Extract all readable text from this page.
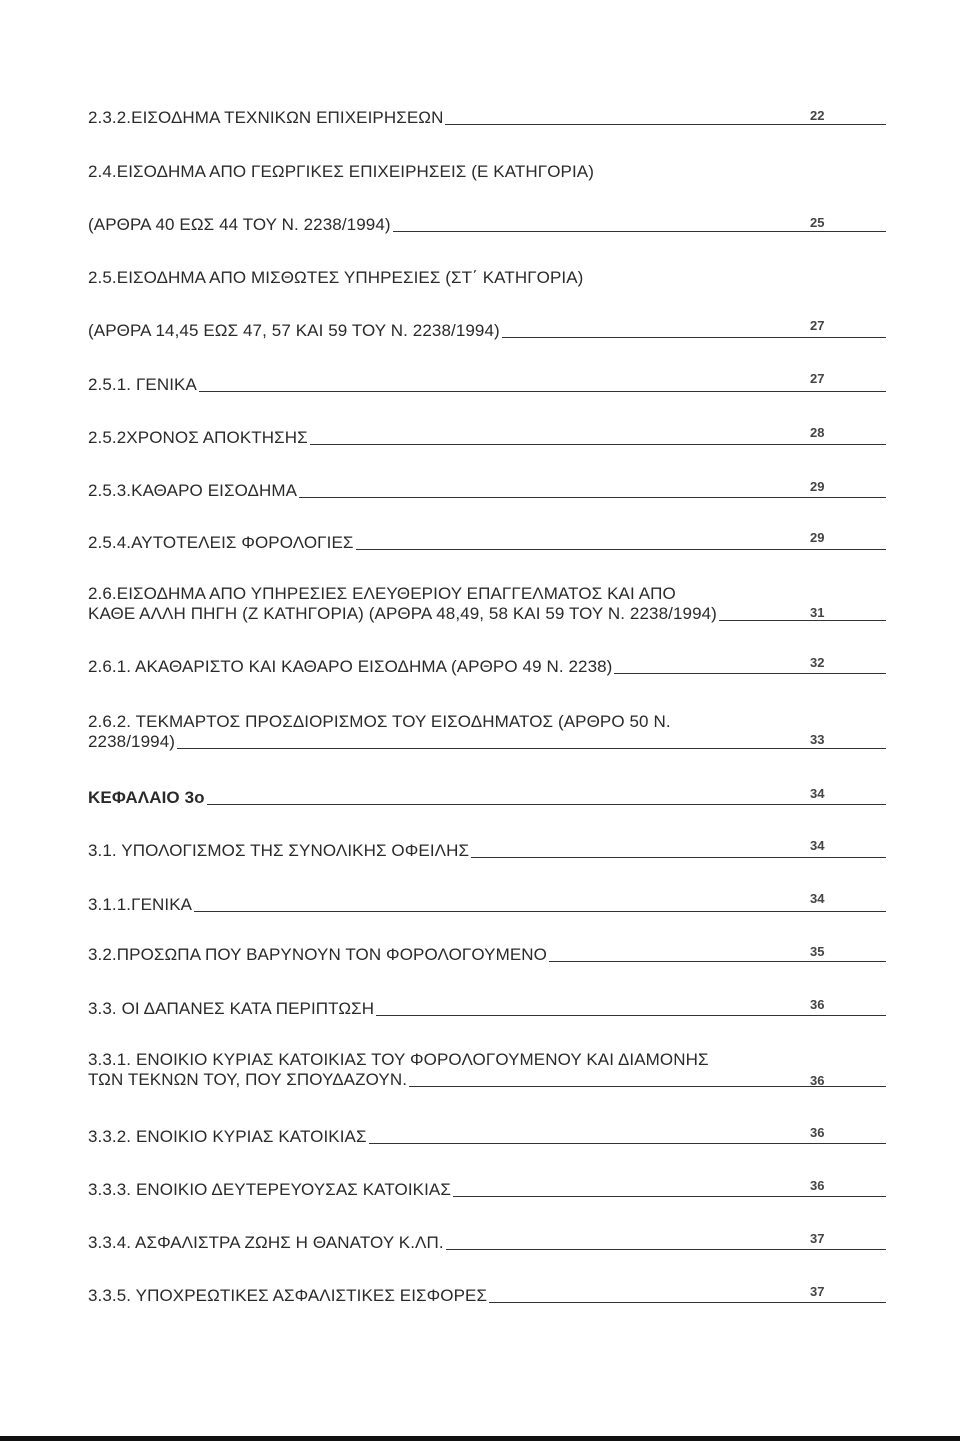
2.3.2.ΕΙΣΟΔΗΜΑ ΤΕΧΝΙΚΩΝ ΕΠΙΧΕΙΡΗΣΕΩΝ	22
2.4.ΕΙΣΟΔΗΜΑ ΑΠΟ ΓΕΩΡΓΙΚΕΣ ΕΠΙΧΕΙΡΗΣΕΙΣ (Ε ΚΑΤΗΓΟΡΙΑ)
(ΑΡΘΡΑ 40 ΕΩΣ 44 ΤΟΥ Ν. 2238/1994)	25
2.5.ΕΙΣΟΔΗΜΑ ΑΠΟ ΜΙΣΘΩΤΕΣ ΥΠΗΡΕΣΙΕΣ (ΣΤ΄ ΚΑΤΗΓΟΡΙΑ)
(ΑΡΘΡΑ 14,45 ΕΩΣ 47, 57 ΚΑΙ 59 ΤΟΥ Ν. 2238/1994)	27
2.5.1. ΓΕΝΙΚΑ	27
2.5.2ΧΡΟΝΟΣ ΑΠΟΚΤΗΣΗΣ	28
2.5.3.ΚΑΘΑΡΟ ΕΙΣΟΔΗΜΑ	29
2.5.4.ΑΥΤΟΤΕΛΕΙΣ ΦΟΡΟΛΟΓΙΕΣ	29
2.6.ΕΙΣΟΔΗΜΑ ΑΠΟ ΥΠΗΡΕΣΙΕΣ ΕΛΕΥΘΕΡΙΟΥ ΕΠΑΓΓΕΛΜΑΤΟΣ ΚΑΙ ΑΠΟ
ΚΑΘΕ ΑΛΛΗ ΠΗΓΗ (Ζ ΚΑΤΗΓΟΡΙΑ) (ΑΡΘΡΑ 48,49, 58 ΚΑΙ 59 ΤΟΥ Ν. 2238/1994)	31
2.6.1. ΑΚΑΘΑΡΙΣΤΟ ΚΑΙ ΚΑΘΑΡΟ ΕΙΣΟΔΗΜΑ (ΑΡΘΡΟ 49 Ν. 2238)	32
2.6.2. ΤΕΚΜΑΡΤΟΣ ΠΡΟΣΔΙΟΡΙΣΜΟΣ ΤΟΥ ΕΙΣΟΔΗΜΑΤΟΣ (ΑΡΘΡΟ 50 Ν.
2238/1994)	33
ΚΕΦΑΛΑΙΟ 3ο	34
3.1. ΥΠΟΛΟΓΙΣΜΟΣ ΤΗΣ ΣΥΝΟΛΙΚΗΣ ΟΦΕΙΛΗΣ	34
3.1.1.ΓΕΝΙΚΑ	34
3.2.ΠΡΟΣΩΠΑ ΠΟΥ ΒΑΡΥΝΟΥΝ ΤΟΝ ΦΟΡΟΛΟΓΟΥΜΕΝΟ	35
3.3. ΟΙ ΔΑΠΑΝΕΣ ΚΑΤΑ ΠΕΡΙΠΤΩΣΗ	36
3.3.1. ΕΝΟΙΚΙΟ ΚΥΡΙΑΣ ΚΑΤΟΙΚΙΑΣ ΤΟΥ ΦΟΡΟΛΟΓΟΥΜΕΝΟΥ ΚΑΙ ΔΙΑΜΟΝΗΣ
ΤΩΝ ΤΕΚΝΩΝ ΤΟΥ, ΠΟΥ ΣΠΟΥΔΑΖΟΥΝ.	36
3.3.2. ΕΝΟΙΚΙΟ ΚΥΡΙΑΣ ΚΑΤΟΙΚΙΑΣ	36
3.3.3. ΕΝΟΙΚΙΟ ΔΕΥΤΕΡΕΥΟΥΣΑΣ ΚΑΤΟΙΚΙΑΣ	36
3.3.4. ΑΣΦΑΛΙΣΤΡΑ ΖΩΗΣ Η ΘΑΝΑΤΟΥ Κ.ΛΠ.	37
3.3.5. ΥΠΟΧΡΕΩΤΙΚΕΣ ΑΣΦΑΛΙΣΤΙΚΕΣ ΕΙΣΦΟΡΕΣ	37
